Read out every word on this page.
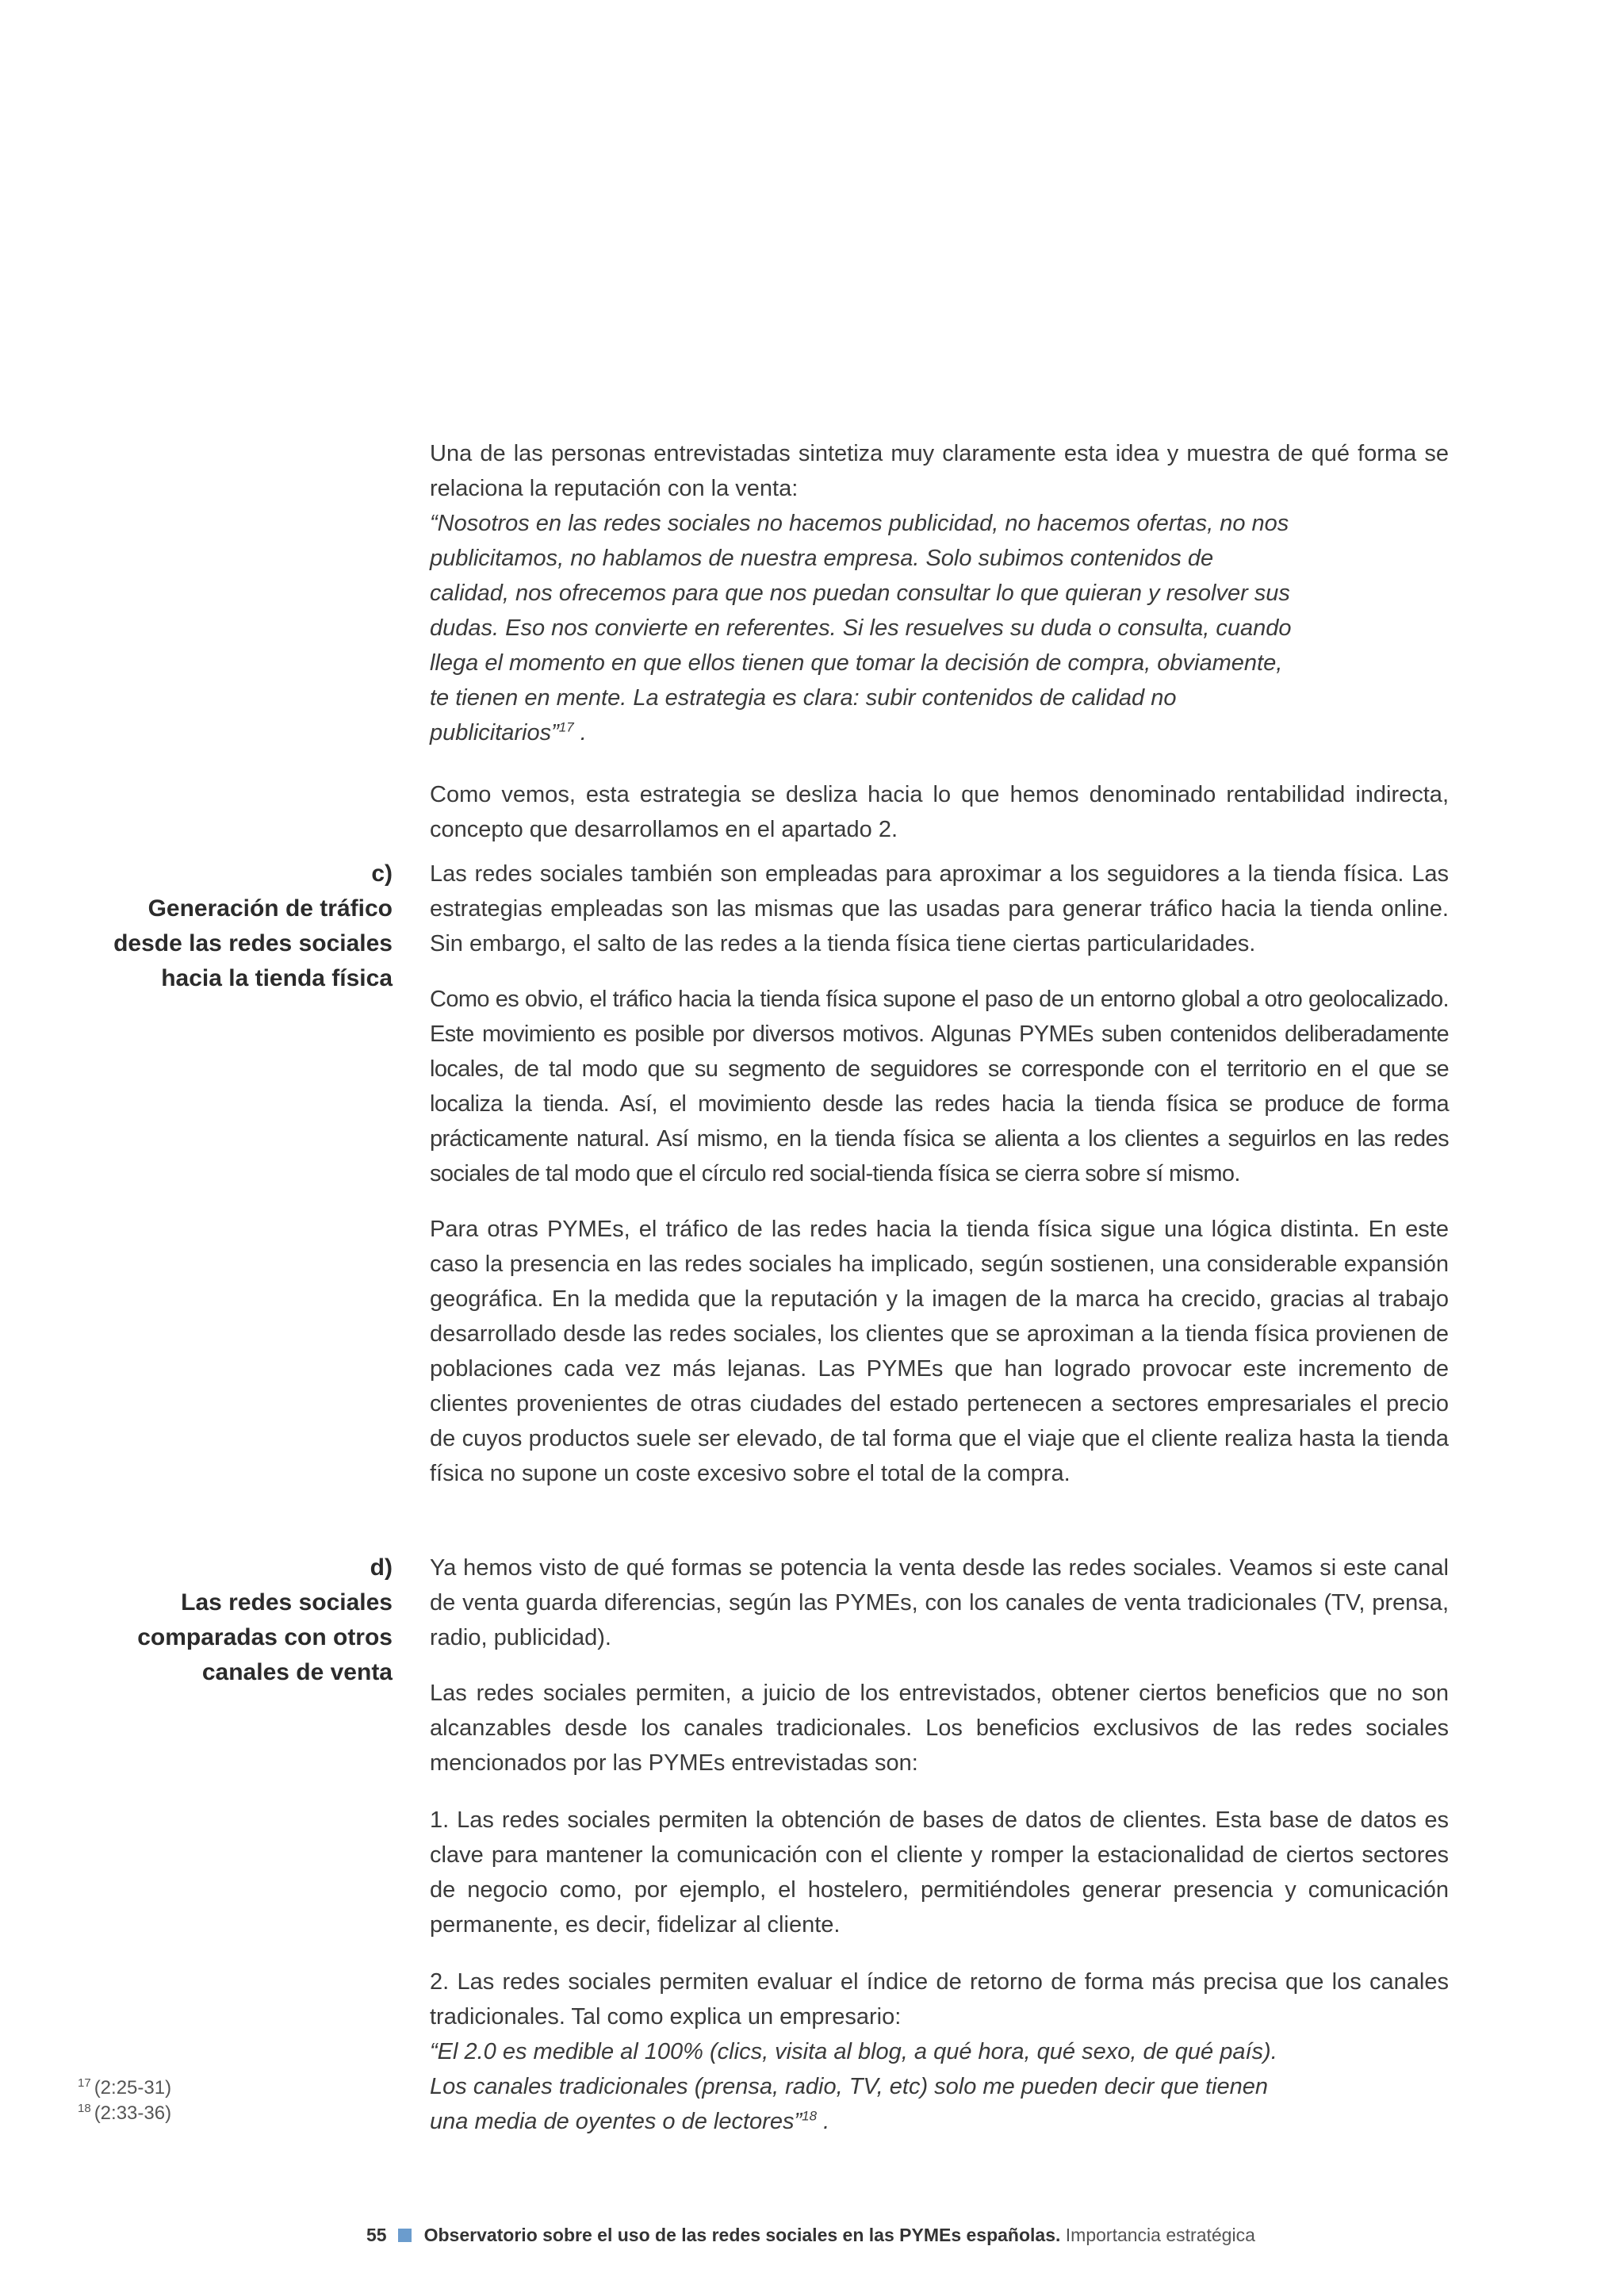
Una de las personas entrevistadas sintetiza muy claramente esta idea y muestra de qué forma se relaciona la reputación con la venta:

“Nosotros en las redes sociales no hacemos publicidad, no hacemos ofertas, no nos publicitamos, no hablamos de nuestra empresa. Solo subimos contenidos de calidad, nos ofrecemos para que nos puedan consultar lo que quieran y resolver sus dudas. Eso nos convierte en referentes. Si les resuelves su duda o consulta, cuando llega el momento en que ellos tienen que tomar la decisión de compra, obviamente, te tienen en mente. La estrategia es clara: subir contenidos de calidad no publicitarios”$^{17}$ .

Como vemos, esta estrategia se desliza hacia lo que hemos denominado rentabilidad indirecta, concepto que desarrollamos en el apartado 2.

c)

Generación de tráfico desde las redes sociales hacia la tienda física

Las redes sociales también son empleadas para aproximar a los seguidores a la tienda física. Las estrategias empleadas son las mismas que las usadas para generar tráfico hacia la tienda online. Sin embargo, el salto de las redes a la tienda física tiene ciertas particularidades.

Como es obvio, el tráfico hacia la tienda física supone el paso de un entorno global a otro geolocalizado. Este movimiento es posible por diversos motivos. Algunas PYMEs suben contenidos deliberadamente locales, de tal modo que su segmento de seguidores se corresponde con el territorio en el que se localiza la tienda. Así, el movimiento desde las redes hacia la tienda física se produce de forma prácticamente natural. Así mismo, en la tienda física se alienta a los clientes a seguirlos en las redes sociales de tal modo que el círculo red social-tienda física se cierra sobre sí mismo.

Para otras PYMEs, el tráfico de las redes hacia la tienda física sigue una lógica distinta. En este caso la presencia en las redes sociales ha implicado, según sostienen, una considerable expansión geográfica. En la medida que la reputación y la imagen de la marca ha crecido, gracias al trabajo desarrollado desde las redes sociales, los clientes que se aproximan a la tienda física provienen de poblaciones cada vez más lejanas. Las PYMEs que han logrado provocar este incremento de clientes provenientes de otras ciudades del estado pertenecen a sectores empresariales el precio de cuyos productos suele ser elevado, de tal forma que el viaje que el cliente realiza hasta la tienda física no supone un coste excesivo sobre el total de la compra.

d)

Las redes sociales comparadas con otros canales de venta

Ya hemos visto de qué formas se potencia la venta desde las redes sociales. Veamos si este canal de venta guarda diferencias, según las PYMEs, con los canales de venta tradicionales (TV, prensa, radio, publicidad).

Las redes sociales permiten, a juicio de los entrevistados, obtener ciertos beneficios que no son alcanzables desde los canales tradicionales. Los beneficios exclusivos de las redes sociales mencionados por las PYMEs entrevistadas son:

1. Las redes sociales permiten la obtención de bases de datos de clientes. Esta base de datos es clave para mantener la comunicación con el cliente y romper la estacionalidad de ciertos sectores de negocio como, por ejemplo, el hostelero, permitiéndoles generar presencia y comunicación permanente, es decir, fidelizar al cliente.

2. Las redes sociales permiten evaluar el índice de retorno de forma más precisa que los canales tradicionales. Tal como explica un empresario:

“El 2.0 es medible al 100% (clics, visita al blog, a qué hora, qué sexo, de qué país). Los canales tradicionales (prensa, radio, TV, etc) solo me pueden decir que tienen una media de oyentes o de lectores”$^{18}$ .

$^{17}$ (2:25-31)
$^{18}$ (2:33-36)
55 Observatorio sobre el uso de las redes sociales en las PYMEs españolas. Importancia estratégica
